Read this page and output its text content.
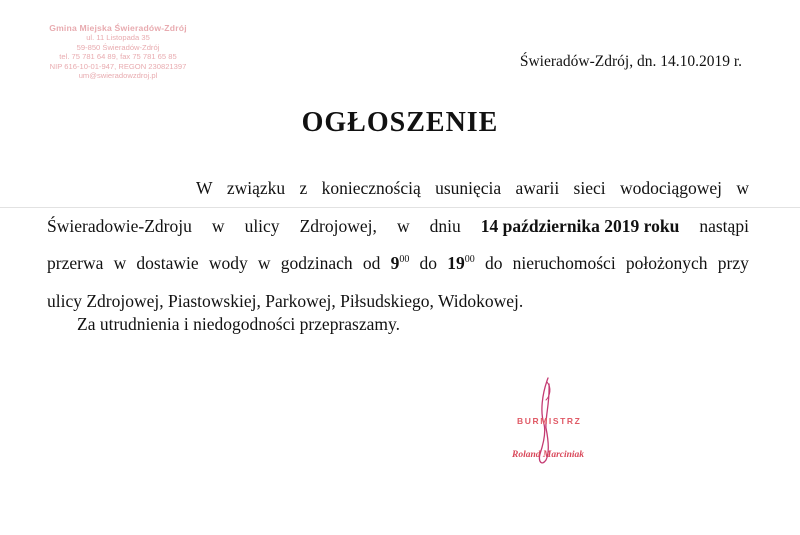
Gmina Miejska Świeradów-Zdrój
ul. 11 Listopada 35
59-850 Świeradów-Zdrój
tel. 75 781 64 89, fax 75 781 65 85
NIP 616-10-01-947, REGON 230821397
um@swieradowzdroj.pl
Świeradów-Zdrój, dn. 14.10.2019 r.
OGŁOSZENIE
W związku z koniecznością usunięcia awarii sieci wodociągowej w
Świeradowie-Zdroju w ulicy Zdrojowej, w dniu 14 października 2019 roku nastąpi
przerwa w dostawie wody w godzinach od $9^{00}$ do $19^{00}$ do nieruchomości położonych przy
ulicy Zdrojowej, Piastowskiej, Parkowej, Piłsudskiego, Widokowej.
Za utrudnienia i niedogodności przepraszamy.
BURMISTRZ
Roland Marciniak
